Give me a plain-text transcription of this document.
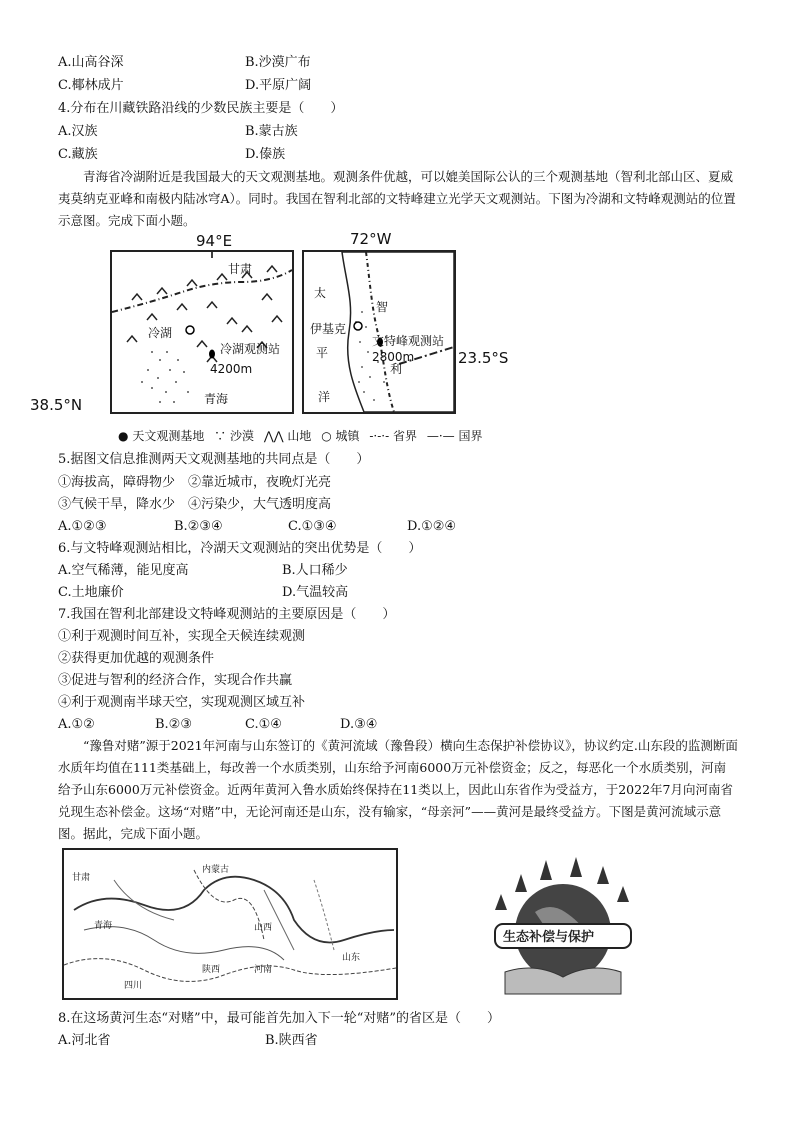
A.山高谷深	B.沙漠广布
C.椰林成片	D.平原广阔
4.分布在川藏铁路沿线的少数民族主要是（　　）
A.汉族	B.蒙古族
C.藏族	D.傣族
青海省冷湖附近是我国最大的天文观测基地。观测条件优越，可以媲美国际公认的三个观测基地（智利北部山区、夏威夷莫纳克亚峰和南极内陆冰穹A）。同时。我国在智利北部的文特峰建立光学天文观测站。下图为冷湖和文特峰观测站的位置示意图。完成下面小题。
94°E	72°W
38.5°N
23.5°S
甘肃
冷湖
冷湖观测站
4200m
青海
太
平
洋
伊基克
文特峰观测站
2800m
智
利
● 天文观测基地 ∵ 沙漠 ⋀⋀ 山地 ○ 城镇 -·-·- 省界 —·— 国界
5.据图文信息推测两天文观测基地的共同点是（　　）
①海拔高，障碍物少　②靠近城市，夜晚灯光亮
③气候干旱，降水少　④污染少，大气透明度高
A.①②③	B.②③④	C.①③④	D.①②④
6.与文特峰观测站相比，冷湖天文观测站的突出优势是（　　）
A.空气稀薄，能见度高	B.人口稀少
C.土地廉价	D.气温较高
7.我国在智利北部建设文特峰观测站的主要原因是（　　）
①利于观测时间互补，实现全天候连续观测
②获得更加优越的观测条件
③促进与智利的经济合作，实现合作共赢
④利于观测南半球天空，实现观测区域互补
A.①②	B.②③	C.①④	D.③④
“豫鲁对赌”源于2021年河南与山东签订的《黄河流域（豫鲁段）横向生态保护补偿协议》，协议约定.山东段的监测断面水质年均值在111类基础上，每改善一个水质类别，山东给予河南6000万元补偿资金；反之，每恶化一个水质类别，河南给予山东6000万元补偿资金。近两年黄河入鲁水质始终保持在11类以上，因此山东省作为受益方，于2022年7月向河南省兑现生态补偿金。这场“对赌”中，无论河南还是山东，没有输家，“母亲河”——黄河是最终受益方。下图是黄河流域示意图。据此，完成下面小题。
甘肃
青海
内蒙古
山西
陕西	河南
山东
四川
生态补偿与保护
8.在这场黄河生态“对赌”中，最可能首先加入下一轮“对赌”的省区是（　　）
A.河北省	B.陕西省
